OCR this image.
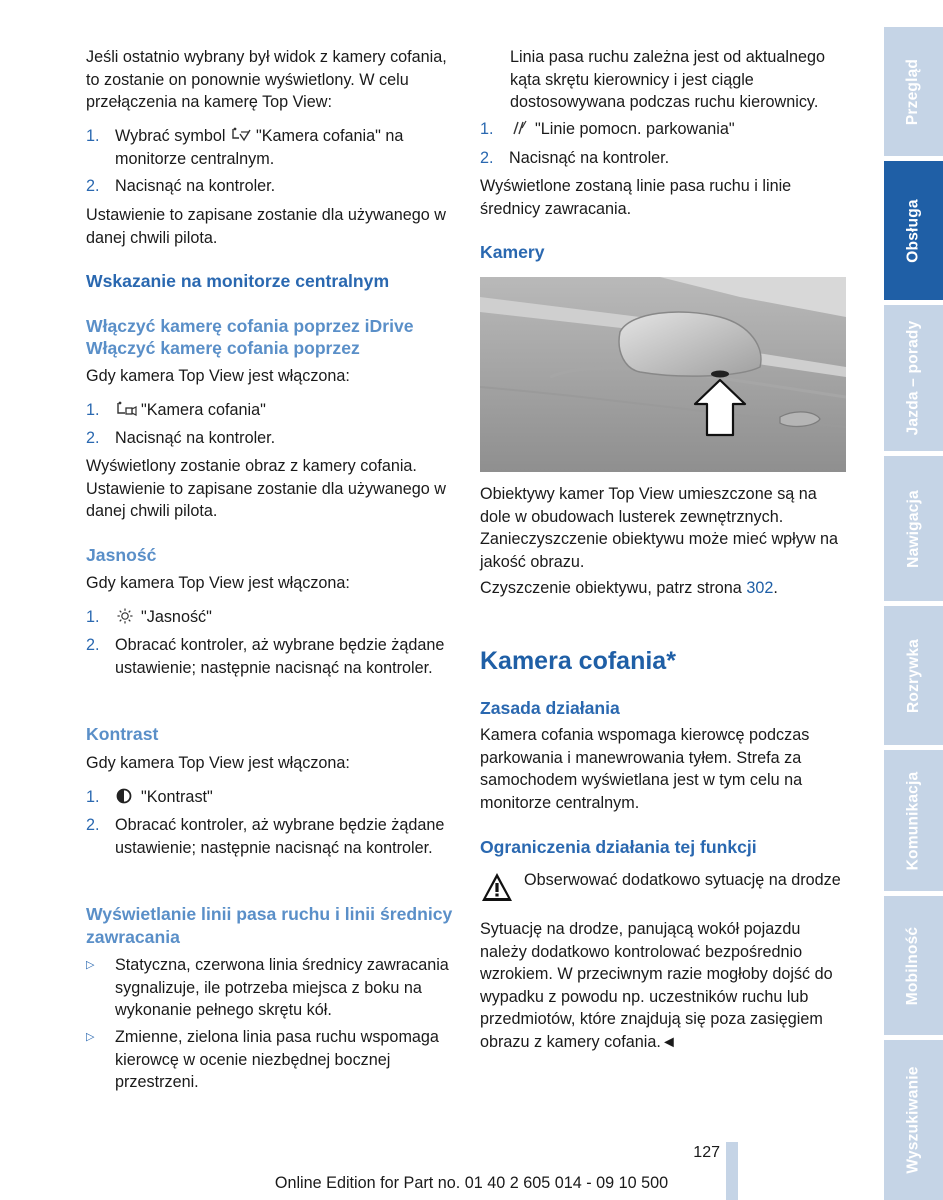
Jeśli ostatnio wybrany był widok z kamery cofania, to zostanie on ponownie wyświetlony. W celu przełączenia na kamerę Top View:

1. Wybrać symbol "Kamera cofania" na monitorze centralnym.
2. Nacisnąć na kontroler.

Ustawienie to zapisane zostanie dla używanego w danej chwili pilota.

Wskazanie na monitorze centralnym
Włączyć kamerę cofania poprzez iDrive
Włączyć kamerę cofania poprzez

Gdy kamera Top View jest włączona:

1.	"Kamera cofania"
2. Nacisnąć na kontroler.

Wyświetlony zostanie obraz z kamery cofania. Ustawienie to zapisane zostanie dla używanego w danej chwili pilota.

Jasność

Gdy kamera Top View jest włączona:

1.	"Jasność"
2. Obracać kontroler, aż wybrane będzie żądane ustawienie; następnie nacisnąć na kontroler.
Kontrast

Gdy kamera Top View jest włączona:

1.	"Kontrast"
2. Obracać kontroler, aż wybrane będzie żądane ustawienie; następnie nacisnąć na kontroler.
Wyświetlanie linii pasa ruchu i linii średnicy zawracania
▷	Statyczna, czerwona linia średnicy zawracania sygnalizuje, ile potrzeba miejsca z boku na wykonanie pełnego skrętu kół.
▷	Zmienne, zielona linia pasa ruchu wspomaga kierowcę w ocenie niezbędnej bocznej przestrzeni.

Linia pasa ruchu zależna jest od aktualnego kąta skrętu kierownicy i jest ciągle dostosowywana podczas ruchu kierownicy.

1.	"Linie pomocn. parkowania"
2. Nacisnąć na kontroler.

Wyświetlone zostaną linie pasa ruchu i linie średnicy zawracania.

Kamery

Obiektywy kamer Top View umieszczone są na dole w obudowach lusterek zewnętrznych. Zanieczyszczenie obiektywu może mieć wpływ na jakość obrazu.

Czyszczenie obiektywu, patrz strona 302.

Kamera cofania*
Zasada działania

Kamera cofania wspomaga kierowcę podczas parkowania i manewrowania tyłem. Strefa za samochodem wyświetlana jest w tym celu na monitorze centralnym.

Ograniczenia działania tej funkcji

Obserwować dodatkowo sytuację na drodze

Sytuację na drodze, panującą wokół pojazdu należy dodatkowo kontrolować bezpośrednio wzrokiem. W przeciwnym razie mogłoby dojść do wypadku z powodu np. uczestników ruchu lub przedmiotów, które znajdują się poza zasięgiem obrazu z kamery cofania.◄

Przegląd
Obsługa
Jazda – porady
Nawigacja
Rozrywka
Komunikacja
Mobilność
Wyszukiwanie
127
Online Edition for Part no. 01 40 2 605 014 - 09 10 500
